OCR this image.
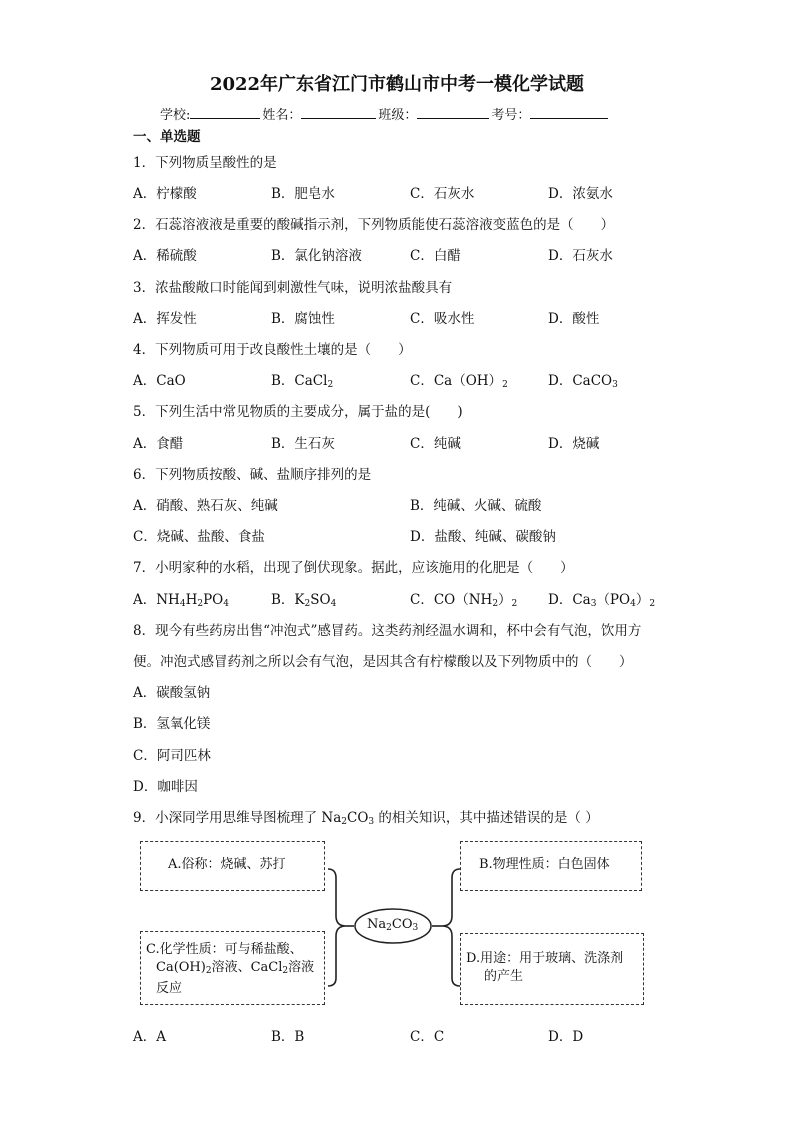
2022年广东省江门市鹤山市中考一模化学试题
学校:	姓名：	班级：	考号：
一、单选题
1．下列物质呈酸性的是
A．柠檬酸	B．肥皂水	C．石灰水	D．浓氨水
2．石蕊溶液液是重要的酸碱指示剂，下列物质能使石蕊溶液变蓝色的是（　　）
A．稀硫酸	B．氯化钠溶液	C．白醋	D．石灰水
3．浓盐酸敞口时能闻到刺激性气味，说明浓盐酸具有
A．挥发性	B．腐蚀性	C．吸水性	D．酸性
4．下列物质可用于改良酸性土壤的是（　　）
A．CaO	B．CaCl$_2$	C．$Ca(OH)_2$	D．CaCO$_3$
5．下列生活中常见物质的主要成分，属于盐的是(　　)
A．食醋	B．生石灰	C．纯碱	D．烧碱
6．下列物质按酸、碱、盐顺序排列的是
A．硝酸、熟石灰、纯碱	B．纯碱、火碱、硫酸
C．烧碱、盐酸、食盐	D．盐酸、纯碱、碳酸钠
7．小明家种的水稻，出现了倒伏现象。据此，应该施用的化肥是（　　）
A．$NH_4H_2PO_4$	B．$K_2SO_4$	C．$CO(NH_2)_2$ D．$Ca_3(PO_4)_2$
8．现今有些药房出售“冲泡式”感冒药。这类药剂经温水调和，杯中会有气泡，饮用方
便。冲泡式感冒药剂之所以会有气泡，是因其含有柠檬酸以及下列物质中的（　　）
A．碳酸氢钠
B．氢氧化镁
C．阿司匹林
D．咖啡因
9．小深同学用思维导图梳理了 $Na_2CO_3$ 的相关知识，其中描述错误的是（ ）
A.俗称：烧碱、苏打	B.物理性质：白色固体
C.化学性质：可与稀盐酸、
$Ca(OH)_2$溶液、CaCl$_2$溶液
反应
D.用途：用于玻璃、洗涤剂
的产生
$Na_2CO_3$
A．A	B．B	C．C	D．D
